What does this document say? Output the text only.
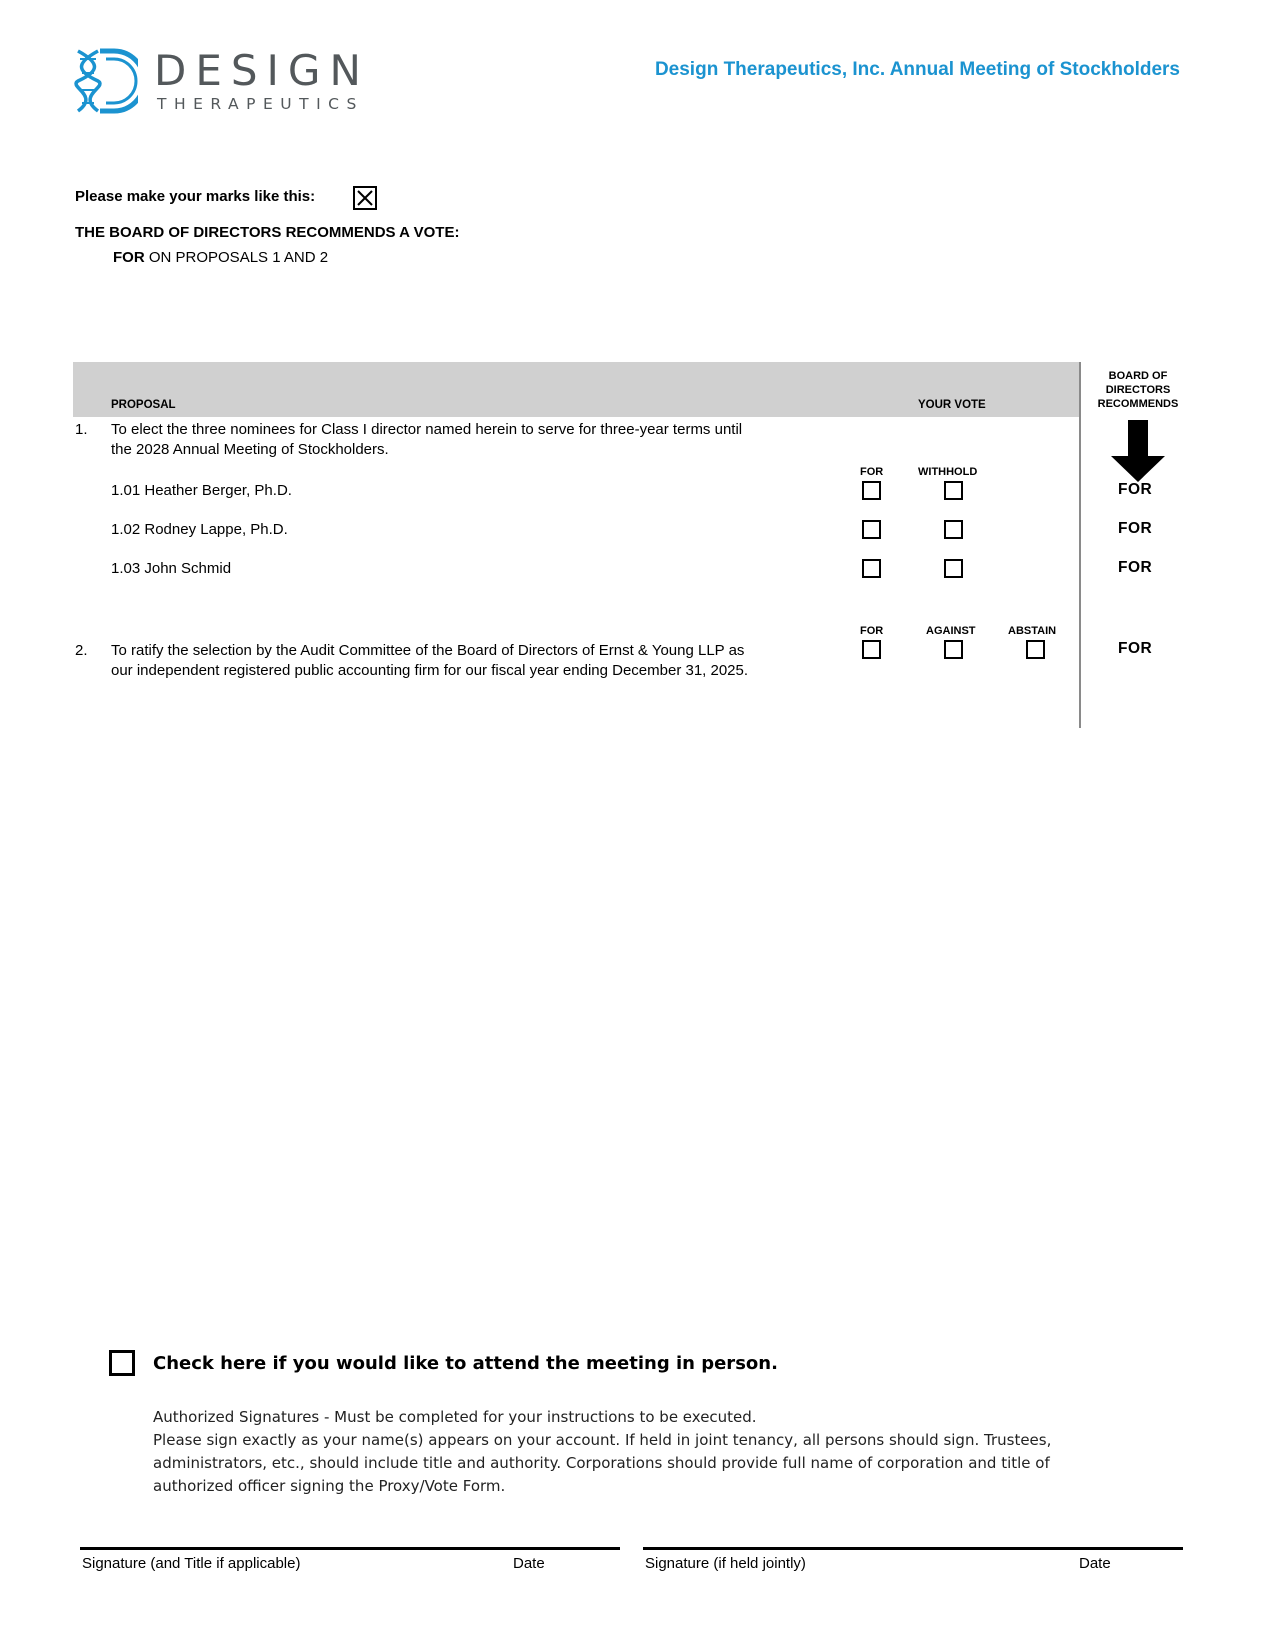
DESIGN
THERAPEUTICS
Design Therapeutics, Inc. Annual Meeting of Stockholders
Please make your marks like this:
THE BOARD OF DIRECTORS RECOMMENDS A VOTE:
FOR ON PROPOSALS 1 AND 2
PROPOSAL	YOUR VOTE
BOARD OF
DIRECTORS
RECOMMENDS
1. To elect the three nominees for Class I director named herein to serve for three-year terms until
the 2028 Annual Meeting of Stockholders.
FOR	WITHHOLD
1.01 Heather Berger, Ph.D.	FOR
1.02 Rodney Lappe, Ph.D.	FOR
1.03 John Schmid	FOR
FOR	AGAINST	ABSTAIN
2. To ratify the selection by the Audit Committee of the Board of Directors of Ernst & Young LLP as
our independent registered public accounting firm for our fiscal year ending December 31, 2025.
FOR
Check here if you would like to attend the meeting in person.
Authorized Signatures - Must be completed for your instructions to be executed.
Please sign exactly as your name(s) appears on your account. If held in joint tenancy, all persons should sign. Trustees,
administrators, etc., should include title and authority. Corporations should provide full name of corporation and title of
authorized officer signing the Proxy/Vote Form.
Signature (and Title if applicable)	Date	Signature (if held jointly)	Date
